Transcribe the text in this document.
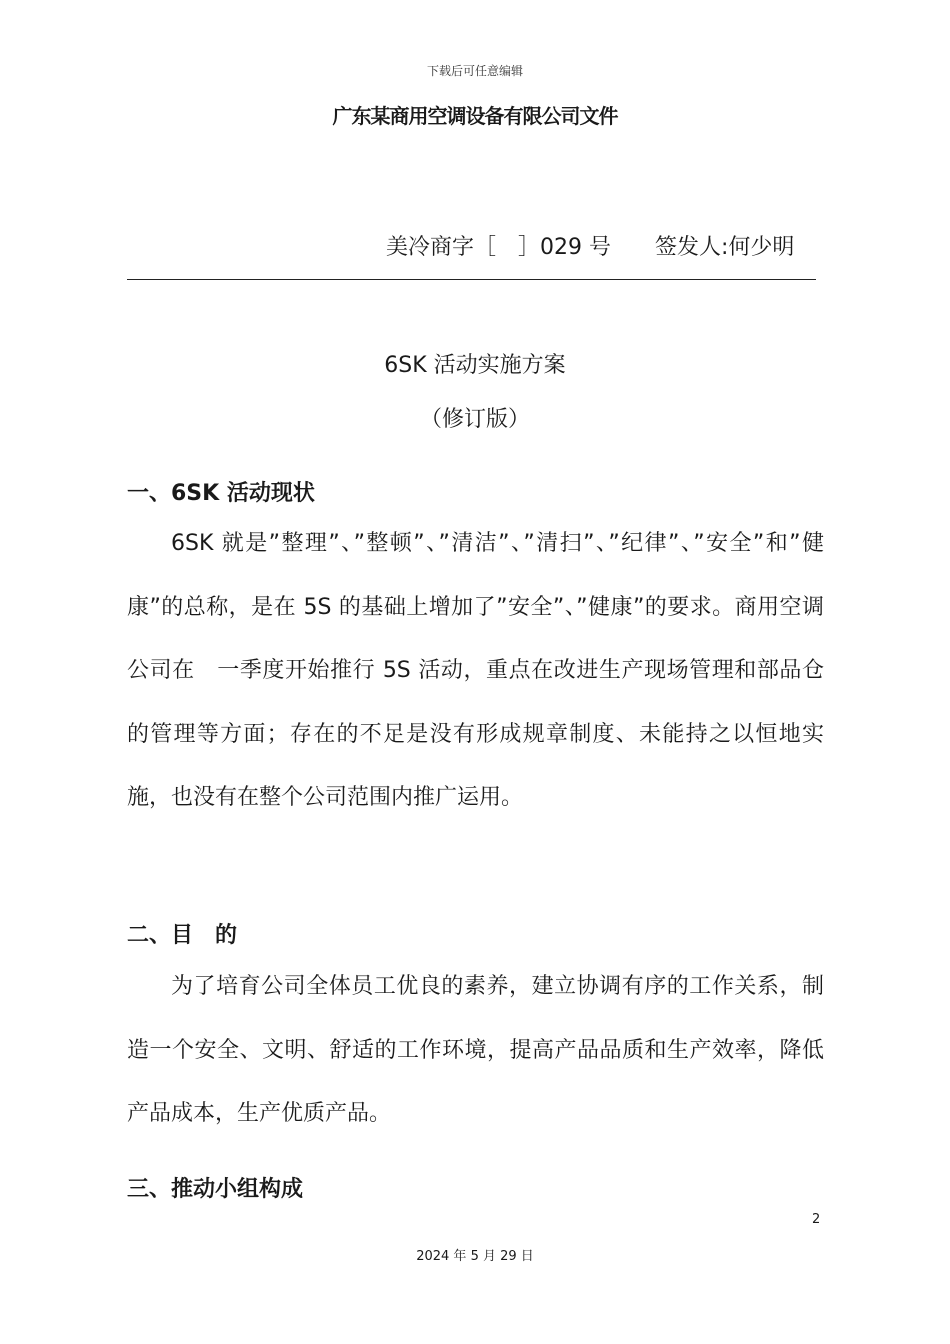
下载后可任意编辑
广东某商用空调设备有限公司文件
美冷商字［　］029 号 签发人:何少明
6SK 活动实施方案
（修订版）
一、6SK 活动现状

6SK 就是”整理”、”整顿”、”清洁”、”清扫”、”纪律”、”安全”和”健康”的总称，是在 5S 的基础上增加了”安全”、”健康”的要求。商用空调公司在　一季度开始推行 5S 活动，重点在改进生产现场管理和部品仓的管理等方面；存在的不足是没有形成规章制度、未能持之以恒地实施，也没有在整个公司范围内推广运用。

二、目　的

为了培育公司全体员工优良的素养，建立协调有序的工作关系，制造一个安全、文明、舒适的工作环境，提高产品品质和生产效率，降低产品成本，生产优质产品。

三、推动小组构成
2
2024 年 5 月 29 日
